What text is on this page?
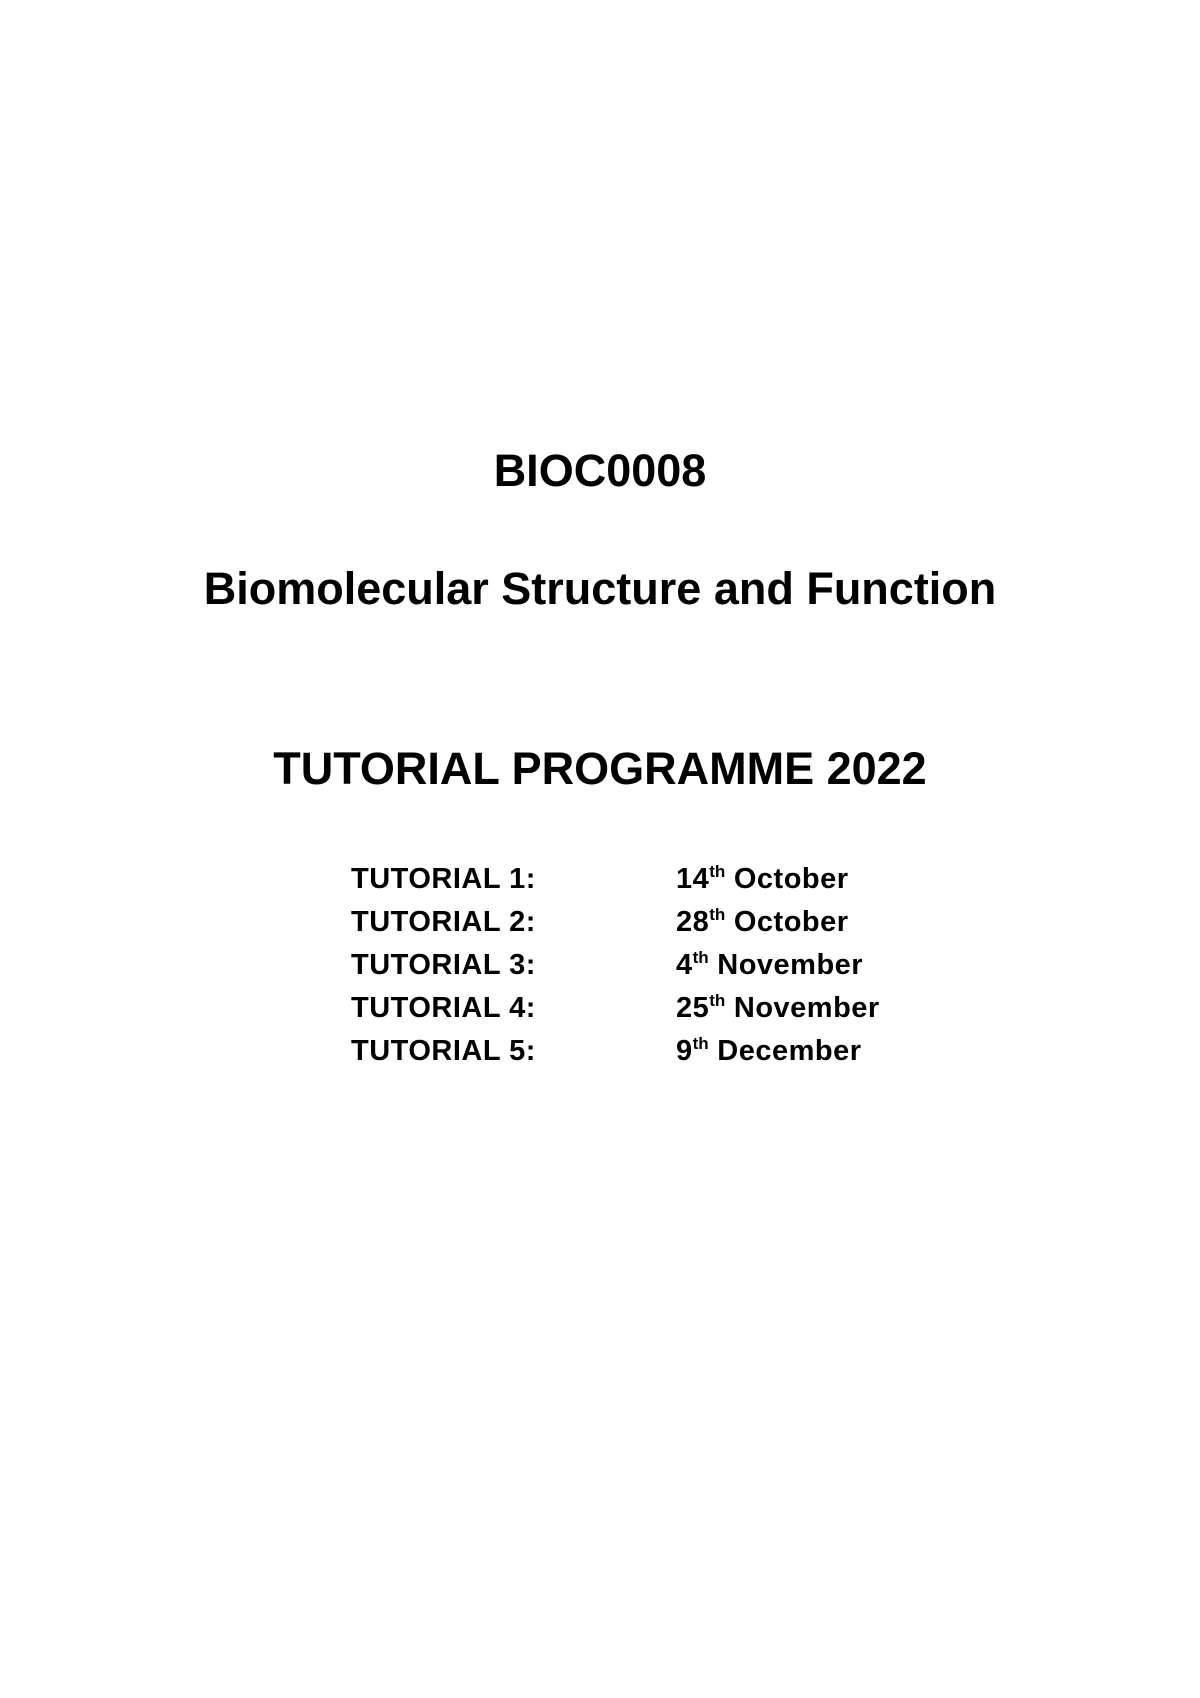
BIOC0008
Biomolecular Structure and Function
TUTORIAL PROGRAMME 2022
TUTORIAL 1:	14th October
TUTORIAL 2:	28th October
TUTORIAL 3:	4th November
TUTORIAL 4:	25th November
TUTORIAL 5:	9th December
